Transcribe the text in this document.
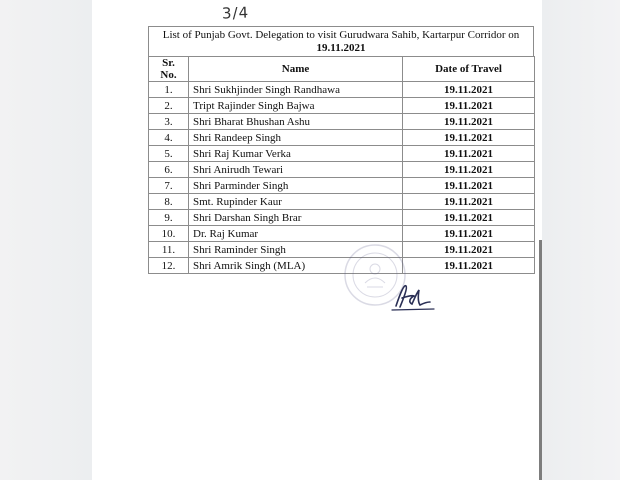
3/4
List of Punjab Govt. Delegation to visit Gurudwara Sahib, Kartarpur Corridor on
19.11.2021
Sr. No.	Name	Date of Travel
1.	Shri Sukhjinder Singh Randhawa	19.11.2021
2.	Tript Rajinder Singh Bajwa	19.11.2021
3.	Shri Bharat Bhushan Ashu	19.11.2021
4.	Shri Randeep Singh	19.11.2021
5.	Shri Raj Kumar Verka	19.11.2021
6.	Shri Anirudh Tewari	19.11.2021
7.	Shri Parminder Singh	19.11.2021
8.	Smt. Rupinder Kaur	19.11.2021
9.	Shri Darshan Singh Brar	19.11.2021
10.	Dr. Raj Kumar	19.11.2021
11.	Shri Raminder Singh	19.11.2021
12.	Shri Amrik Singh (MLA)	19.11.2021
